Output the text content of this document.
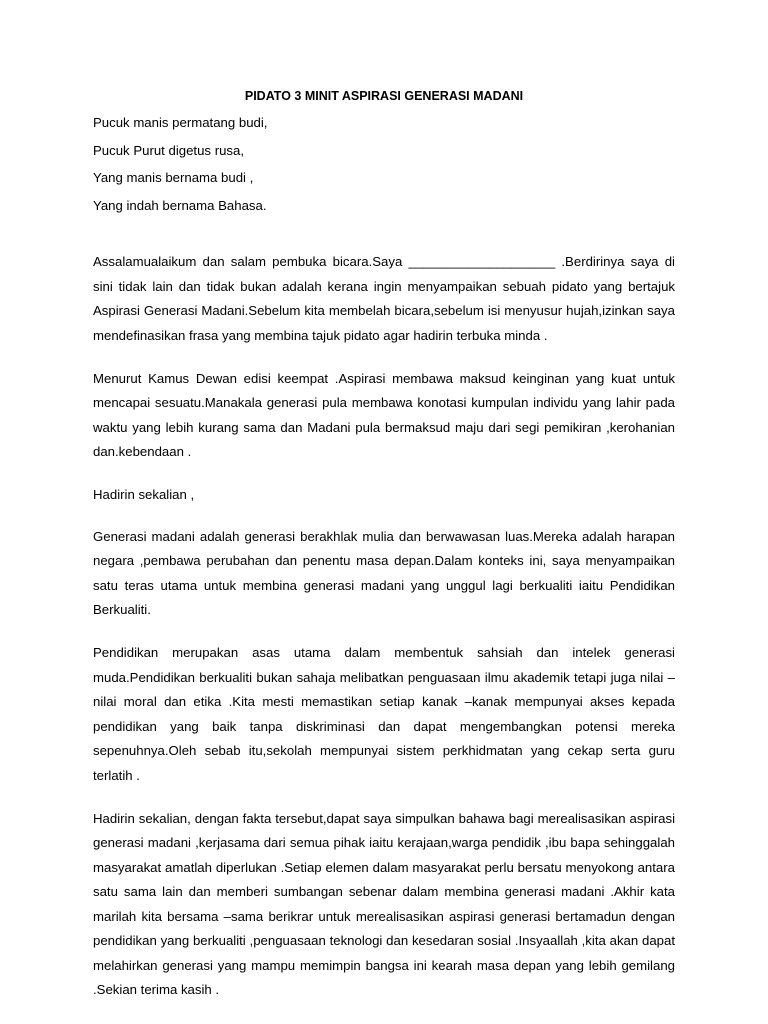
PIDATO 3 MINIT ASPIRASI GENERASI MADANI
Pucuk manis permatang budi,
Pucuk Purut digetus rusa,
Yang manis bernama budi ,
Yang indah bernama Bahasa.

Assalamualaikum dan salam pembuka bicara.Saya ____________________ .Berdirinya saya di sini tidak lain dan tidak bukan adalah kerana ingin menyampaikan sebuah pidato yang bertajuk Aspirasi Generasi Madani.Sebelum kita membelah bicara,sebelum isi menyusur hujah,izinkan saya mendefinasikan frasa yang membina tajuk pidato agar hadirin terbuka minda .

Menurut Kamus Dewan edisi keempat .Aspirasi membawa maksud keinginan yang kuat untuk mencapai sesuatu.Manakala generasi pula membawa konotasi kumpulan individu yang lahir pada waktu yang lebih kurang sama dan Madani pula bermaksud maju dari segi pemikiran ,kerohanian dan.kebendaan .

Hadirin sekalian ,

Generasi madani adalah generasi berakhlak mulia dan berwawasan luas.Mereka adalah harapan negara ,pembawa perubahan dan penentu masa depan.Dalam konteks ini, saya menyampaikan satu teras utama untuk membina generasi madani yang unggul lagi berkualiti iaitu Pendidikan Berkualiti.

Pendidikan merupakan asas utama dalam membentuk sahsiah dan intelek generasi muda.Pendidikan berkualiti bukan sahaja melibatkan penguasaan ilmu akademik tetapi juga nilai –nilai moral dan etika .Kita mesti memastikan setiap kanak –kanak mempunyai akses kepada pendidikan yang baik tanpa diskriminasi dan dapat mengembangkan potensi mereka sepenuhnya.Oleh sebab itu,sekolah mempunyai sistem perkhidmatan yang cekap serta guru terlatih .

Hadirin sekalian, dengan fakta tersebut,dapat saya simpulkan bahawa bagi merealisasikan aspirasi generasi madani ,kerjasama dari semua pihak iaitu kerajaan,warga pendidik ,ibu bapa sehinggalah masyarakat amatlah diperlukan .Setiap elemen dalam masyarakat perlu bersatu menyokong antara satu sama lain dan memberi sumbangan sebenar dalam membina generasi madani .Akhir kata marilah kita bersama –sama berikrar untuk merealisasikan aspirasi generasi bertamadun dengan pendidikan yang berkualiti ,penguasaan teknologi dan kesedaran sosial .Insyaallah ,kita akan dapat melahirkan generasi yang mampu memimpin bangsa ini kearah masa depan yang lebih gemilang .Sekian terima kasih .
